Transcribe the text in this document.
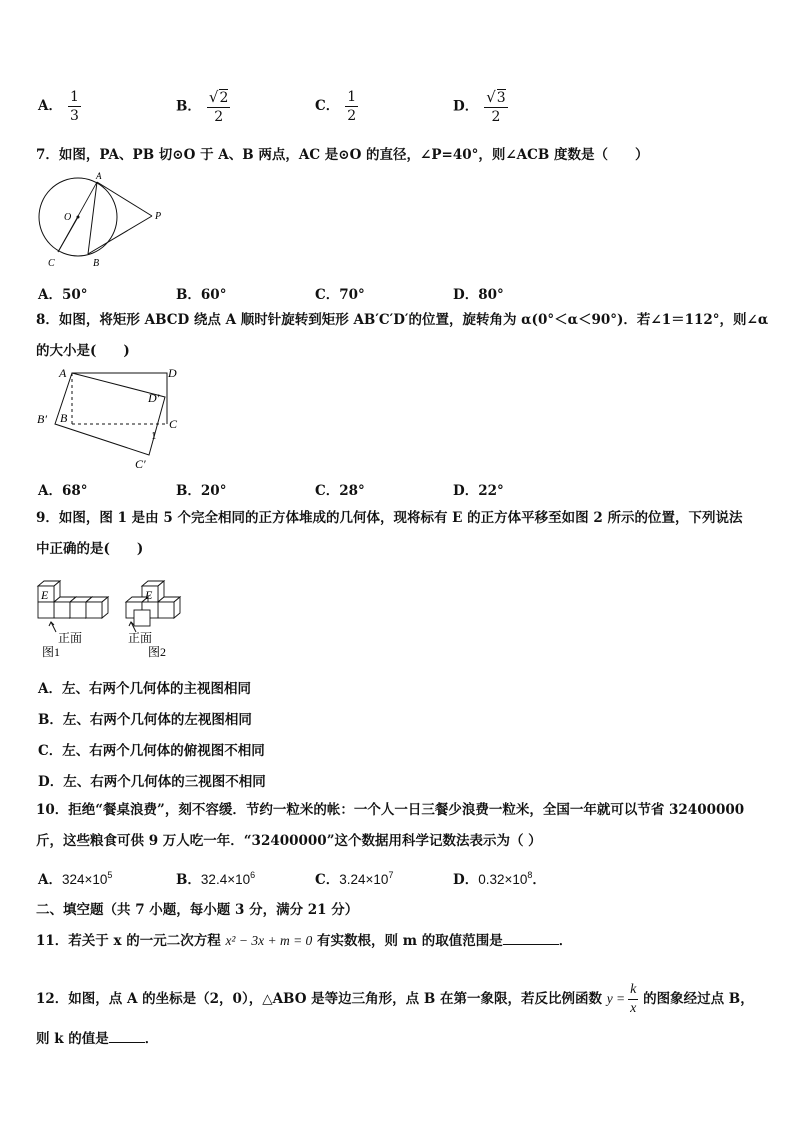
A． $\frac{1}{3}$	B． $\frac{√2}{2}$	C． $\frac{1}{2}$	D． $\frac{√3}{2}$
7．如图，PA、PB 切⊙O 于 A、B 两点，AC 是⊙O 的直径，∠P=40°，则∠ACB 度数是（　　）
A
O	P
C	B
A．50°	B．60°	C．70°	D．80°
8．如图，将矩形 ABCD 绕点 A 顺时针旋转到矩形 AB′C′D′的位置，旋转角为 α(0°＜α＜90°)．若∠1＝112°，则∠α
的大小是(　　)
A	D
D′
B
B′	C
1
C′
A．68°	B．20°	C．28°	D．22°
9．如图，图 1 是由 5 个完全相同的正方体堆成的几何体，现将标有 E 的正方体平移至如图 2 所示的位置，下列说法
中正确的是(　　)
E
正面
图1
E
正面
图2
A．左、右两个几何体的主视图相同
B．左、右两个几何体的左视图相同
C．左、右两个几何体的俯视图不相同
D．左、右两个几何体的三视图不相同
10．拒绝“餐桌浪费”，刻不容缓．节约一粒米的帐：一个人一日三餐少浪费一粒米，全国一年就可以节省 32400000
斤，这些粮食可供 9 万人吃一年．“32400000”这个数据用科学记数法表示为（ ）
A．$324\times 10^5$	B．$32.4\times 10^6$	C．$3.24\times 10^7$	D．$0.32\times 10^8$．
二、填空题（共 7 小题，每小题 3 分，满分 21 分）
11．若关于 x 的一元二次方程 x² − 3x + m = 0 有实数根，则 m 的取值范围是	．
12．如图，点 A 的坐标是（2，0），△ABO 是等边三角形，点 B 在第一象限，若反比例函数 $y = \frac{k}{x}$ 的图象经过点 B，
则 k 的值是	．
